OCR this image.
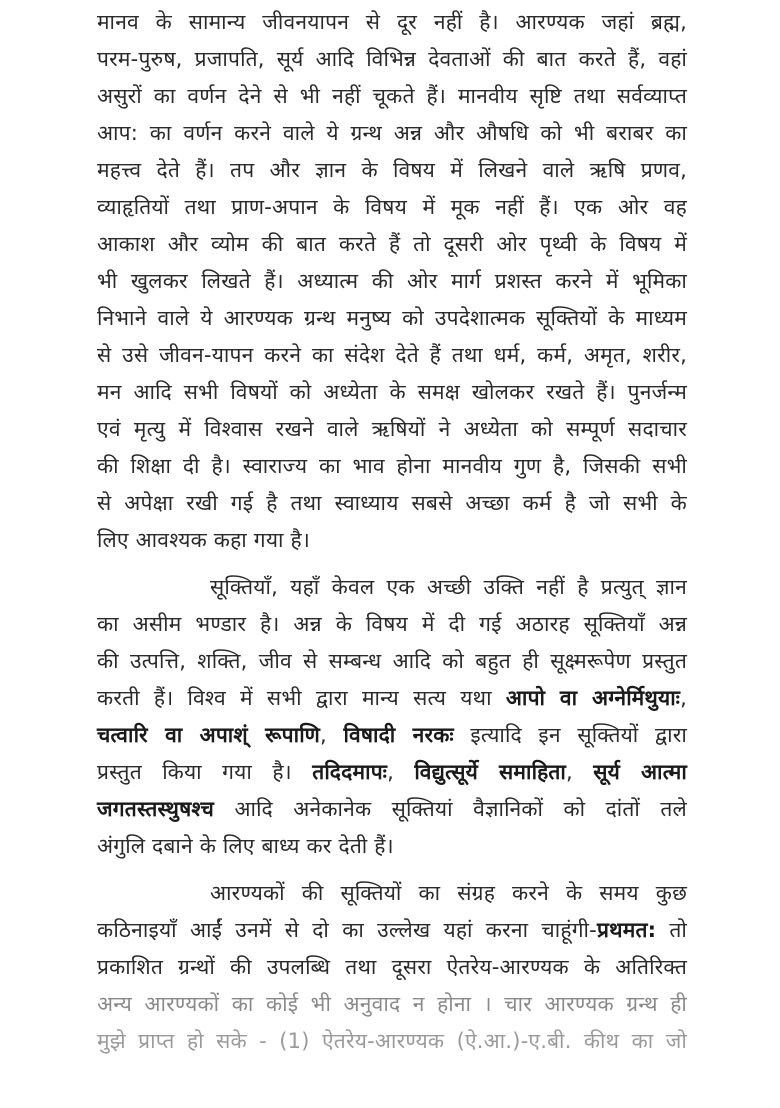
मानव के सामान्य जीवनयापन से दूर नहीं है। आरण्यक जहां ब्रह्म,
परम-पुरुष, प्रजापति, सूर्य आदि विभिन्न देवताओं की बात करते हैं, वहां
असुरों का वर्णन देने से भी नहीं चूकते हैं। मानवीय सृष्टि तथा सर्वव्याप्त
आप: का वर्णन करने वाले ये ग्रन्थ अन्न और औषधि को भी बराबर का
महत्त्व देते हैं। तप और ज्ञान के विषय में लिखने वाले ऋषि प्रणव,
व्याहृतियों तथा प्राण-अपान के विषय में मूक नहीं हैं। एक ओर वह
आकाश और व्योम की बात करते हैं तो दूसरी ओर पृथ्वी के विषय में
भी खुलकर लिखते हैं। अध्यात्म की ओर मार्ग प्रशस्त करने में भूमिका
निभाने वाले ये आरण्यक ग्रन्थ मनुष्य को उपदेशात्मक सूक्तियों के माध्यम
से उसे जीवन-यापन करने का संदेश देते हैं तथा धर्म, कर्म, अमृत, शरीर,
मन आदि सभी विषयों को अध्येता के समक्ष खोलकर रखते हैं। पुनर्जन्म
एवं मृत्यु में विश्वास रखने वाले ऋषियों ने अध्येता को सम्पूर्ण सदाचार
की शिक्षा दी है। स्वाराज्य का भाव होना मानवीय गुण है, जिसकी सभी
से अपेक्षा रखी गई है तथा स्वाध्याय सबसे अच्छा कर्म है जो सभी के
लिए आवश्यक कहा गया है।
सूक्तियाँ, यहाँ केवल एक अच्छी उक्ति नहीं है प्रत्युत् ज्ञान
का असीम भण्डार है। अन्न के विषय में दी गई अठारह सूक्तियाँ अन्न
की उत्पत्ति, शक्ति, जीव से सम्बन्ध आदि को बहुत ही सूक्ष्मरूपेण प्रस्तुत
करती हैं। विश्व में सभी द्वारा मान्य सत्य यथा आपो वा अग्नेर्मिथुयाः,
चत्वारि वा अपाश्ं रूपाणि, विषादी नरकः इत्यादि इन सूक्तियों द्वारा
प्रस्तुत किया गया है। तदिदमापः, विद्युत्सूर्ये समाहिता, सूर्य आत्मा
जगतस्तस्थुषश्च आदि अनेकानेक सूक्तियां वैज्ञानिकों को दांतों तले
अंगुलि दबाने के लिए बाध्य कर देती हैं।
आरण्यकों की सूक्तियों का संग्रह करने के समय कुछ
कठिनाइयाँ आईं उनमें से दो का उल्लेख यहां करना चाहूंगी-प्रथमत: तो
प्रकाशित ग्रन्थों की उपलब्धि तथा दूसरा ऐतरेय-आरण्यक के अतिरिक्त
अन्य आरण्यकों का कोई भी अनुवाद न होना । चार आरण्यक ग्रन्थ ही
मुझे प्राप्त हो सके - (1) ऐतरेय-आरण्यक (ऐ.आ.)-ए.बी. कीथ का जो
